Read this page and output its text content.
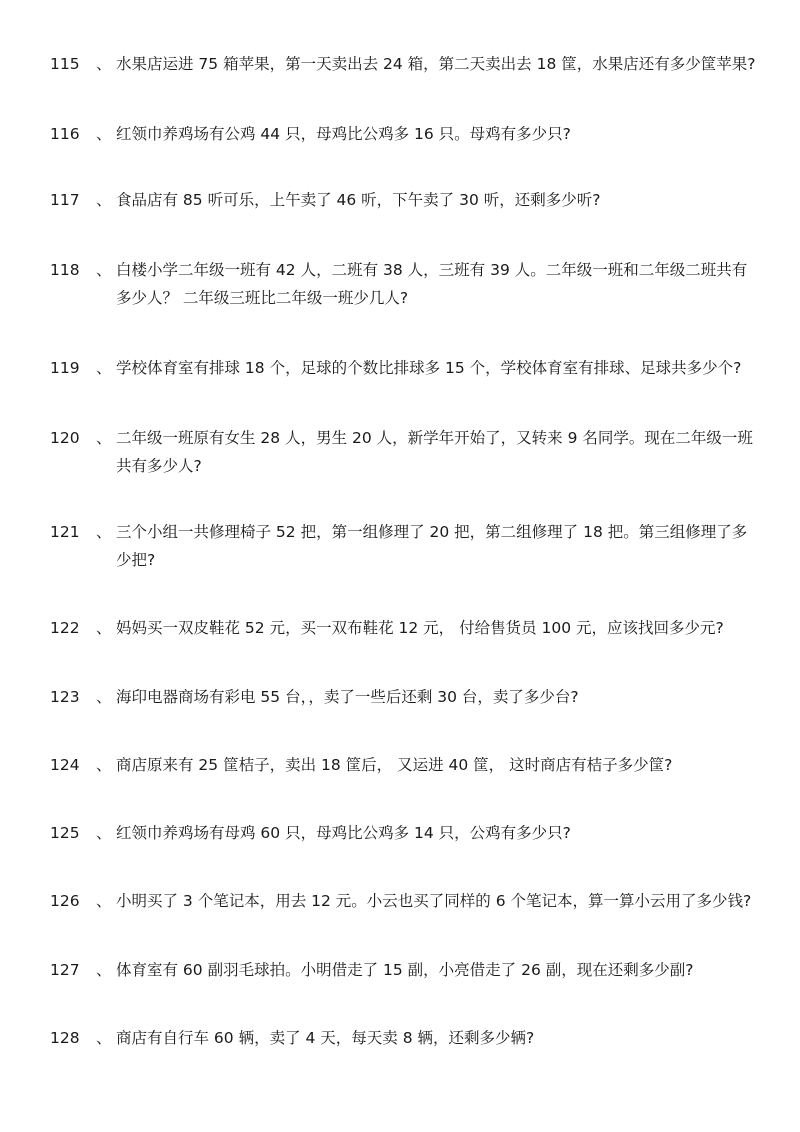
115	、 水果店运进 75 箱苹果，第一天卖出去 24 箱，第二天卖出去 18 筐，水果店还有多少筐苹果?
116	、 红领巾养鸡场有公鸡 44 只，母鸡比公鸡多 16 只。母鸡有多少只?
117	、 食品店有 85 听可乐，上午卖了 46 听，下午卖了 30 听，还剩多少听?
118	、 白楼小学二年级一班有 42 人，二班有 38 人，三班有 39 人。二年级一班和二年级二班共有多少人？ 二年级三班比二年级一班少几人?
119	、 学校体育室有排球 18 个，足球的个数比排球多 15 个，学校体育室有排球、足球共多少个?
120	、 二年级一班原有女生 28 人，男生 20 人，新学年开始了，又转来 9 名同学。现在二年级一班共有多少人?
121	、 三个小组一共修理椅子 52 把，第一组修理了 20 把，第二组修理了 18 把。第三组修理了多少把?
122	、 妈妈买一双皮鞋花 52 元，买一双布鞋花 12 元， 付给售货员 100 元，应该找回多少元?
123	、 海印电器商场有彩电 55 台，，卖了一些后还剩 30 台，卖了多少台?
124	、 商店原来有 25 筐桔子，卖出 18 筐后， 又运进 40 筐， 这时商店有桔子多少筐?
125	、 红领巾养鸡场有母鸡 60 只，母鸡比公鸡多 14 只，公鸡有多少只?
126	、 小明买了 3 个笔记本，用去 12 元。小云也买了同样的 6 个笔记本，算一算小云用了多少钱?
127	、 体育室有 60 副羽毛球拍。小明借走了 15 副，小亮借走了 26 副，现在还剩多少副?
128	、 商店有自行车 60 辆，卖了 4 天，每天卖 8 辆，还剩多少辆?
